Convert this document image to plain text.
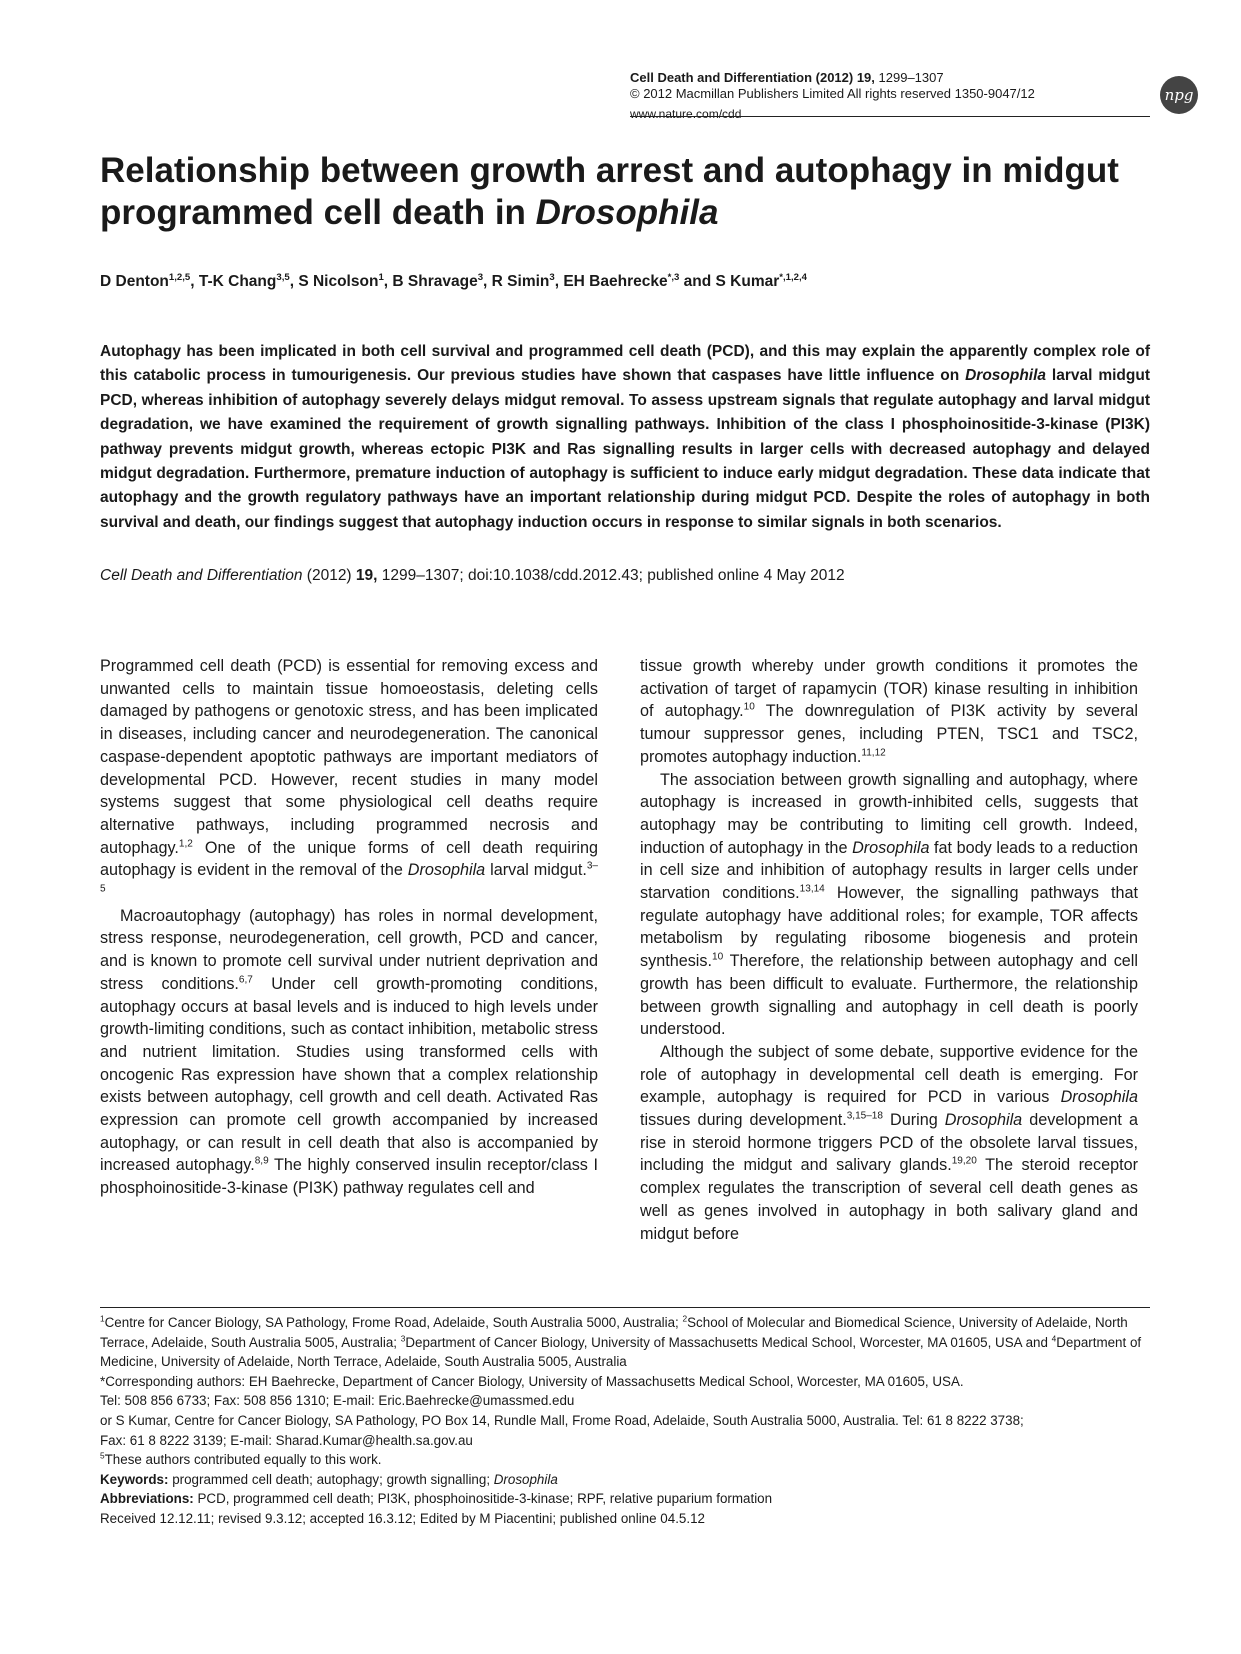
Cell Death and Differentiation (2012) 19, 1299–1307
© 2012 Macmillan Publishers Limited All rights reserved 1350-9047/12
www.nature.com/cdd
npg
Relationship between growth arrest and autophagy in midgut programmed cell death in Drosophila
D Denton$^{1,2,5}$, T-K Chang$^{3,5}$, S Nicolson$^1$, B Shravage$^3$, R Simin$^3$, EH Baehrecke$^{*,3}$ and S Kumar$^{*,1,2,4}$

Autophagy has been implicated in both cell survival and programmed cell death (PCD), and this may explain the apparently complex role of this catabolic process in tumourigenesis. Our previous studies have shown that caspases have little influence on Drosophila larval midgut PCD, whereas inhibition of autophagy severely delays midgut removal. To assess upstream signals that regulate autophagy and larval midgut degradation, we have examined the requirement of growth signalling pathways. Inhibition of the class I phosphoinositide-3-kinase (PI3K) pathway prevents midgut growth, whereas ectopic PI3K and Ras signalling results in larger cells with decreased autophagy and delayed midgut degradation. Furthermore, premature induction of autophagy is sufficient to induce early midgut degradation. These data indicate that autophagy and the growth regulatory pathways have an important relationship during midgut PCD. Despite the roles of autophagy in both survival and death, our findings suggest that autophagy induction occurs in response to similar signals in both scenarios.

Cell Death and Differentiation (2012) 19, 1299–1307; doi:10.1038/cdd.2012.43; published online 4 May 2012

Programmed cell death (PCD) is essential for removing excess and unwanted cells to maintain tissue homoeostasis, deleting cells damaged by pathogens or genotoxic stress, and has been implicated in diseases, including cancer and neurodegeneration. The canonical caspase-dependent apoptotic pathways are important mediators of developmental PCD. However, recent studies in many model systems suggest that some physiological cell deaths require alternative pathways, including programmed necrosis and autophagy.$^{1,2}$ One of the unique forms of cell death requiring autophagy is evident in the removal of the Drosophila larval midgut.$^{3-5}$

Macroautophagy (autophagy) has roles in normal development, stress response, neurodegeneration, cell growth, PCD and cancer, and is known to promote cell survival under nutrient deprivation and stress conditions.$^{6,7}$ Under cell growth-promoting conditions, autophagy occurs at basal levels and is induced to high levels under growth-limiting conditions, such as contact inhibition, metabolic stress and nutrient limitation. Studies using transformed cells with oncogenic Ras expression have shown that a complex relationship exists between autophagy, cell growth and cell death. Activated Ras expression can promote cell growth accompanied by increased autophagy, or can result in cell death that also is accompanied by increased autophagy.$^{8,9}$ The highly conserved insulin receptor/class I phosphoinositide-3-kinase (PI3K) pathway regulates cell and

tissue growth whereby under growth conditions it promotes the activation of target of rapamycin (TOR) kinase resulting in inhibition of autophagy.$^{10}$ The downregulation of PI3K activity by several tumour suppressor genes, including PTEN, TSC1 and TSC2, promotes autophagy induction.$^{11,12}$

The association between growth signalling and autophagy, where autophagy is increased in growth-inhibited cells, suggests that autophagy may be contributing to limiting cell growth. Indeed, induction of autophagy in the Drosophila fat body leads to a reduction in cell size and inhibition of autophagy results in larger cells under starvation conditions.$^{13,14}$ However, the signalling pathways that regulate autophagy have additional roles; for example, TOR affects metabolism by regulating ribosome biogenesis and protein synthesis.$^{10}$ Therefore, the relationship between autophagy and cell growth has been difficult to evaluate. Furthermore, the relationship between growth signalling and autophagy in cell death is poorly understood.

Although the subject of some debate, supportive evidence for the role of autophagy in developmental cell death is emerging. For example, autophagy is required for PCD in various Drosophila tissues during development.$^{3,15-18}$ During Drosophila development a rise in steroid hormone triggers PCD of the obsolete larval tissues, including the midgut and salivary glands.$^{19,20}$ The steroid receptor complex regulates the transcription of several cell death genes as well as genes involved in autophagy in both salivary gland and midgut before

$^1$Centre for Cancer Biology, SA Pathology, Frome Road, Adelaide, South Australia 5000, Australia; $^2$School of Molecular and Biomedical Science, University of Adelaide, North Terrace, Adelaide, South Australia 5005, Australia; $^3$Department of Cancer Biology, University of Massachusetts Medical School, Worcester, MA 01605, USA and $^4$Department of Medicine, University of Adelaide, North Terrace, Adelaide, South Australia 5005, Australia
*Corresponding authors: EH Baehrecke, Department of Cancer Biology, University of Massachusetts Medical School, Worcester, MA 01605, USA.
Tel: 508 856 6733; Fax: 508 856 1310; E-mail: Eric.Baehrecke@umassmed.edu
or S Kumar, Centre for Cancer Biology, SA Pathology, PO Box 14, Rundle Mall, Frome Road, Adelaide, South Australia 5000, Australia. Tel: 61 8 8222 3738;
Fax: 61 8 8222 3139; E-mail: Sharad.Kumar@health.sa.gov.au
$^5$These authors contributed equally to this work.
Keywords: programmed cell death; autophagy; growth signalling; Drosophila
Abbreviations: PCD, programmed cell death; PI3K, phosphoinositide-3-kinase; RPF, relative puparium formation
Received 12.12.11; revised 9.3.12; accepted 16.3.12; Edited by M Piacentini; published online 04.5.12
